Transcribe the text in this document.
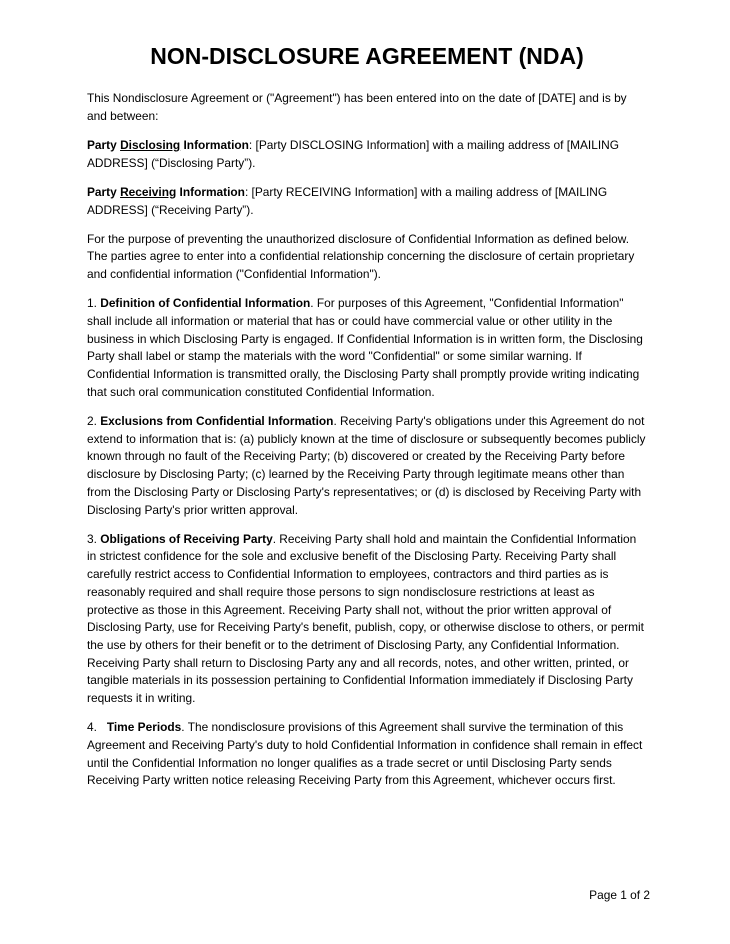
NON-DISCLOSURE AGREEMENT (NDA)

This Nondisclosure Agreement or ("Agreement") has been entered into on the date of [DATE] and is by and between:

Party Disclosing Information: [Party DISCLOSING Information] with a mailing address of [MAILING ADDRESS] (“Disclosing Party”).

Party Receiving Information: [Party RECEIVING Information] with a mailing address of [MAILING ADDRESS] (“Receiving Party”).

For the purpose of preventing the unauthorized disclosure of Confidential Information as defined below. The parties agree to enter into a confidential relationship concerning the disclosure of certain proprietary and confidential information ("Confidential Information").

1. Definition of Confidential Information. For purposes of this Agreement, "Confidential Information" shall include all information or material that has or could have commercial value or other utility in the business in which Disclosing Party is engaged. If Confidential Information is in written form, the Disclosing Party shall label or stamp the materials with the word "Confidential" or some similar warning. If Confidential Information is transmitted orally, the Disclosing Party shall promptly provide writing indicating that such oral communication constituted Confidential Information.

2. Exclusions from Confidential Information. Receiving Party's obligations under this Agreement do not extend to information that is: (a) publicly known at the time of disclosure or subsequently becomes publicly known through no fault of the Receiving Party; (b) discovered or created by the Receiving Party before disclosure by Disclosing Party; (c) learned by the Receiving Party through legitimate means other than from the Disclosing Party or Disclosing Party's representatives; or (d) is disclosed by Receiving Party with Disclosing Party's prior written approval.

3. Obligations of Receiving Party. Receiving Party shall hold and maintain the Confidential Information in strictest confidence for the sole and exclusive benefit of the Disclosing Party. Receiving Party shall carefully restrict access to Confidential Information to employees, contractors and third parties as is reasonably required and shall require those persons to sign nondisclosure restrictions at least as protective as those in this Agreement. Receiving Party shall not, without the prior written approval of Disclosing Party, use for Receiving Party's benefit, publish, copy, or otherwise disclose to others, or permit the use by others for their benefit or to the detriment of Disclosing Party, any Confidential Information. Receiving Party shall return to Disclosing Party any and all records, notes, and other written, printed, or tangible materials in its possession pertaining to Confidential Information immediately if Disclosing Party requests it in writing.

4.   Time Periods. The nondisclosure provisions of this Agreement shall survive the termination of this Agreement and Receiving Party's duty to hold Confidential Information in confidence shall remain in effect until the Confidential Information no longer qualifies as a trade secret or until Disclosing Party sends Receiving Party written notice releasing Receiving Party from this Agreement, whichever occurs first.

Page 1 of 2
